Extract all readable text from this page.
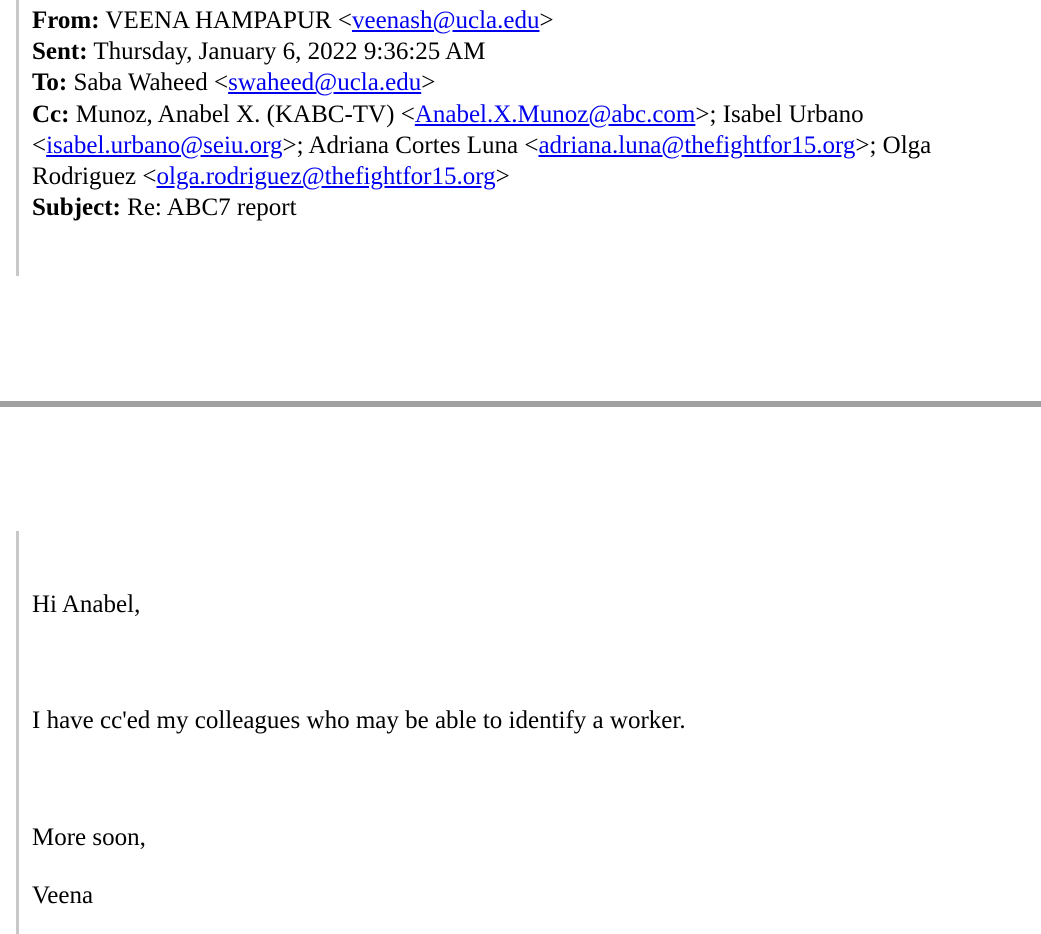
From: VEENA HAMPAPUR <veenash@ucla.edu>
Sent: Thursday, January 6, 2022 9:36:25 AM
To: Saba Waheed <swaheed@ucla.edu>
Cc: Munoz, Anabel X. (KABC-TV) <Anabel.X.Munoz@abc.com>; Isabel Urbano
<isabel.urbano@seiu.org>; Adriana Cortes Luna <adriana.luna@thefightfor15.org>; Olga
Rodriguez <olga.rodriguez@thefightfor15.org>
Subject: Re: ABC7 report
Hi Anabel,
I have cc'ed my colleagues who may be able to identify a worker.
More soon,
Veena
